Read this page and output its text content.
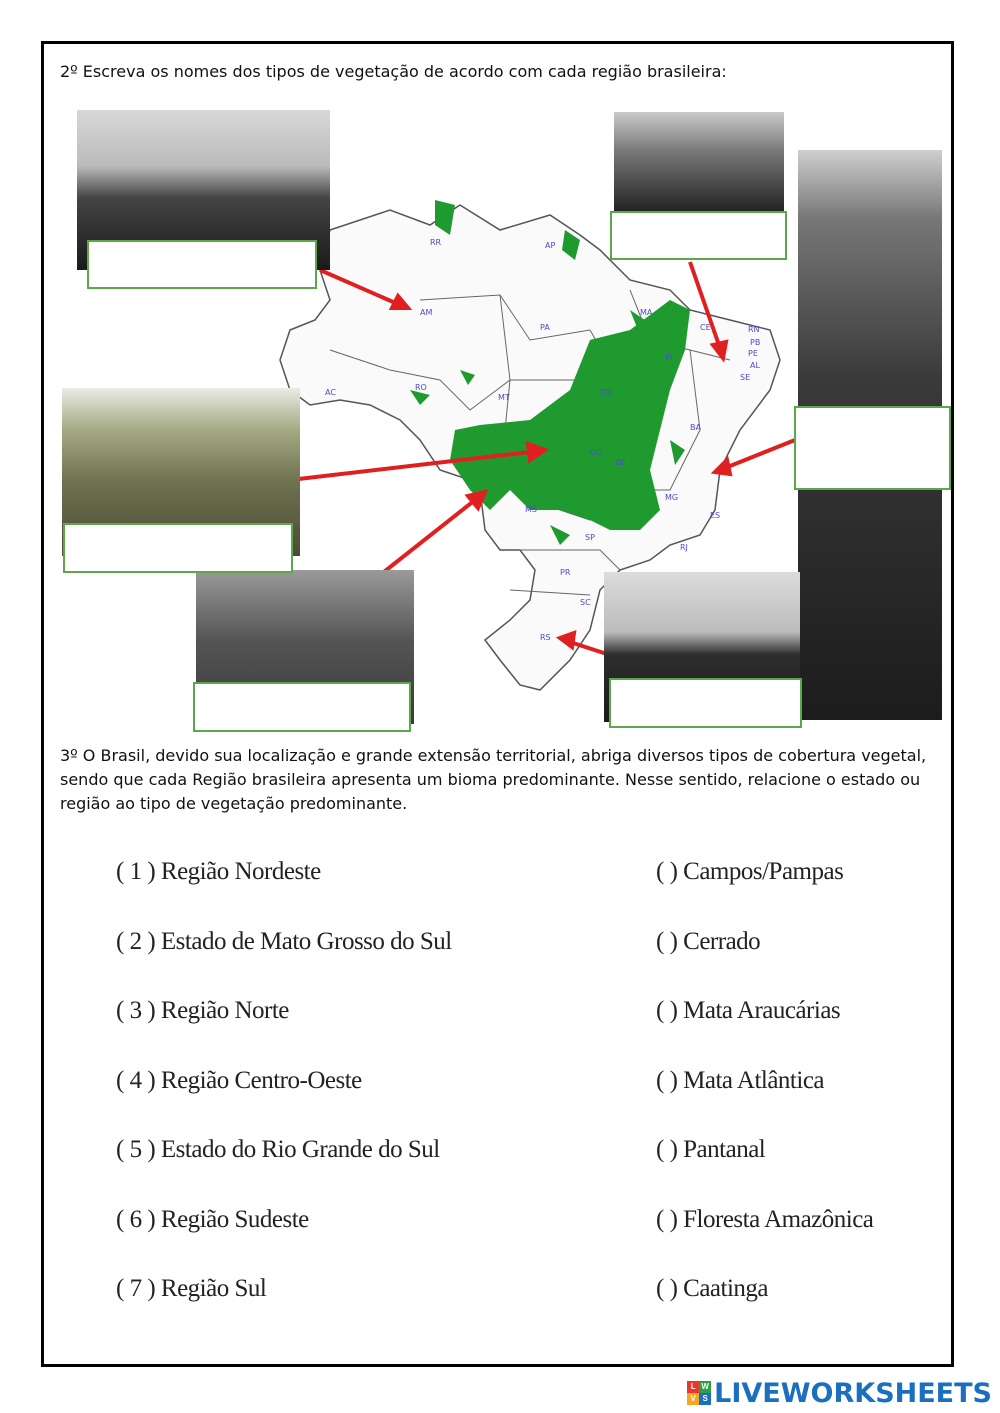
2º Escreva os nomes dos tipos de vegetação de acordo com cada região brasileira:
RR	AP
AM
PA
MA
CE	RN
PB
PE
AL
SE
PI
AC
RO
MT
TO
BA
GO
DF
MG
ES
MS
SP
RJ
PR
SC
RS
3º O Brasil, devido sua localização e grande extensão territorial, abriga diversos tipos de cobertura vegetal, sendo que cada Região brasileira apresenta um bioma predominante. Nesse sentido, relacione o estado ou região ao tipo de vegetação predominante.
( 1 ) Região Nordeste
( 2 ) Estado de Mato Grosso do Sul
( 3 ) Região Norte
( 4 ) Região Centro-Oeste
( 5 ) Estado do Rio Grande do Sul
( 6 ) Região Sudeste
( 7 ) Região Sul
( ) Campos/Pampas
( ) Cerrado
( ) Mata Araucárias
( ) Mata Atlântica
( ) Pantanal
( ) Floresta Amazônica
( ) Caatinga
L W
V S LIVEWORKSHEETS
